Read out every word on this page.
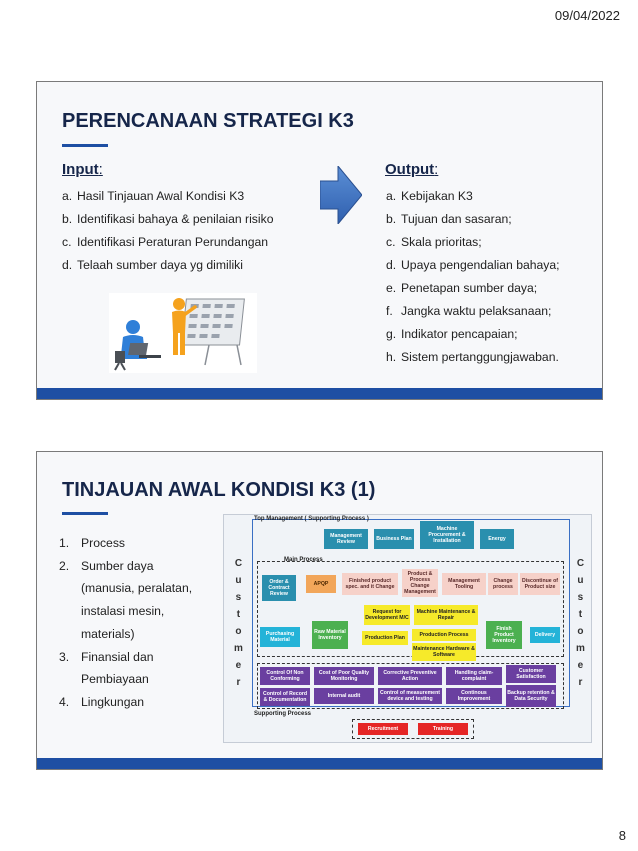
09/04/2022
PERENCANAAN STRATEGI K3
Input:
a. Hasil Tinjauan Awal Kondisi K3
b. Identifikasi bahaya & penilaian risiko
c. Identifikasi Peraturan Perundangan
d. Telaah sumber daya yg dimiliki
Output:
a. Kebijakan K3
b. Tujuan dan sasaran;
c. Skala prioritas;
d. Upaya pengendalian bahaya;
e. Penetapan sumber daya;
f. Jangka waktu pelaksanaan;
g. Indikator pencapaian;
h. Sistem pertanggungjawaban.
TINJAUAN AWAL KONDISI K3 (1)
1. Process
2. Sumber daya (manusia, peralatan, instalasi mesin, materials)
3. Finansial dan Pembiayaan
4. Lingkungan
Top Management ( Supporting Process )
C
u
s
t
o
m
e
r
C
u
s
t
o
m
e
r
Management Review	Business Plan
Machine Procurement & Installation	Energy
Main Process
Order & Contract Review
APQP	Finished product spec. and it Change
Product & Process Change Management
Management Tooling
Change process
Discontinue of Product size
Request for Development M/C
Machine Maintenance & Repair
Purchasing Material
Raw Material Inventory	Production Plan	Production Process
Maintenance Hardware & Software
Finish Product Inventory
Delivery
Control Of Non Conforming
Cost of Poor Quality Monitoring
Corrective Preventive Action
Handling claim- complaint
Customer Satisfaction
Control of Record & Documentation
Internal audit	Control of measurement device and testing
Continous Improvement
Backup retention & Data Security
Supporting Process
Recruitment	Training
8
